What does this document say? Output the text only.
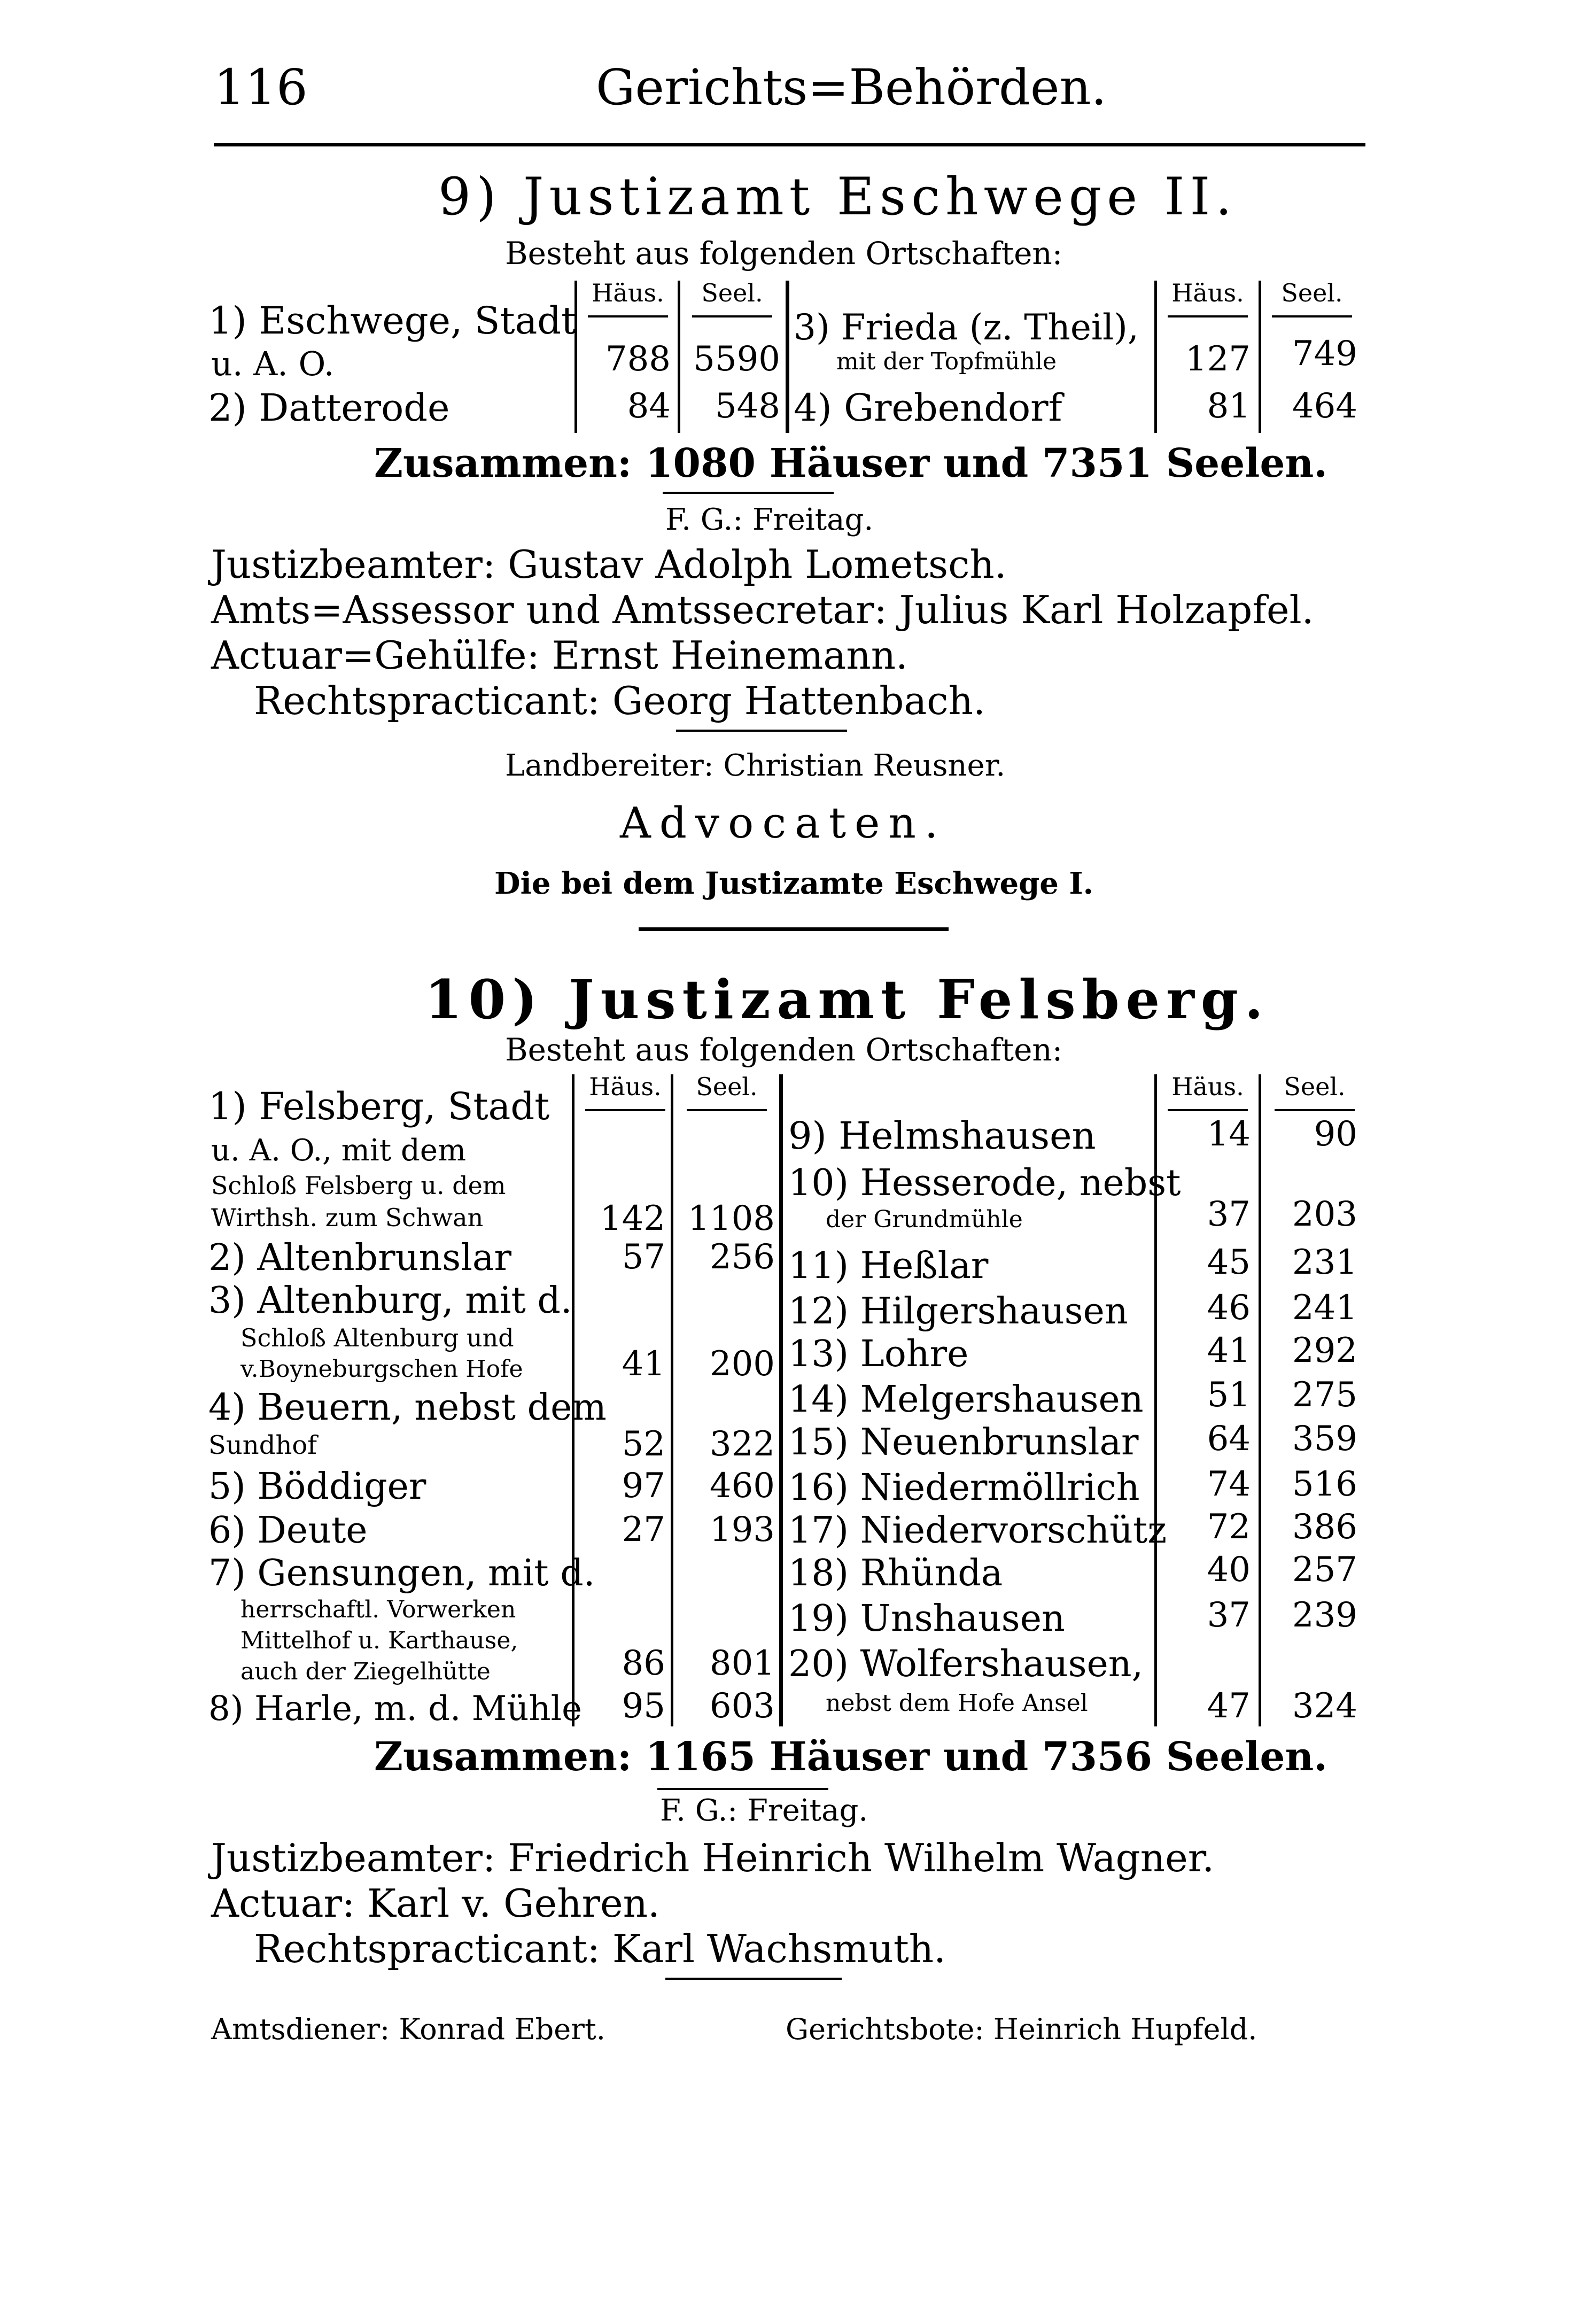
116	Gerichts=Behörden.
9) Justizamt Eschwege II.
Besteht aus folgenden Ortschaften:
Häus.	Seel.	Häus.	Seel.
1) Eschwege, Stadt
u. A. O.	788 5590
2) Datterode	84	548
3) Frieda (z. Theil),
mit der Topfmühle	127	749
4) Grebendorf	81	464
Zusammen: 1080 Häuser und 7351 Seelen.
F. G.: Freitag.
Justizbeamter: Gustav Adolph Lometsch.
Amts=Assessor und Amtssecretar: Julius Karl Holzapfel.
Actuar=Gehülfe: Ernst Heinemann.
Rechtspracticant: Georg Hattenbach.
Landbereiter: Christian Reusner.
Advocaten.
Die bei dem Justizamte Eschwege I.
10) Justizamt Felsberg.
Besteht aus folgenden Ortschaften:
Häus.	Seel.	Häus.	Seel.
1) Felsberg, Stadt
u. A. O., mit dem
Schloß Felsberg u. dem
Wirthsh. zum Schwan	142 1108
2) Altenbrunslar	57	256
3) Altenburg, mit d.
Schloß Altenburg und
v.Boyneburgschen Hofe	41	200
4) Beuern, nebst dem
Sundhof	52	322
5) Böddiger	97	460
6) Deute	27	193
7) Gensungen, mit d.
herrschaftl. Vorwerken
Mittelhof u. Karthause,
auch der Ziegelhütte	86	801
8) Harle, m. d. Mühle	95	603
9) Helmshausen	14	90
10) Hesserode, nebst
der Grundmühle	37	203
11) Heßlar	45	231
12) Hilgershausen	46	241
13) Lohre	41	292
14) Melgershausen	51	275
15) Neuenbrunslar	64	359
16) Niedermöllrich	74	516
17) Niedervorschütz	72	386
18) Rhünda	40	257
19) Unshausen	37	239
20) Wolfershausen,
nebst dem Hofe Ansel	47	324
Zusammen: 1165 Häuser und 7356 Seelen.
F. G.: Freitag.
Justizbeamter: Friedrich Heinrich Wilhelm Wagner.
Actuar: Karl v. Gehren.
Rechtspracticant: Karl Wachsmuth.
Amtsdiener: Konrad Ebert.	Gerichtsbote: Heinrich Hupfeld.
